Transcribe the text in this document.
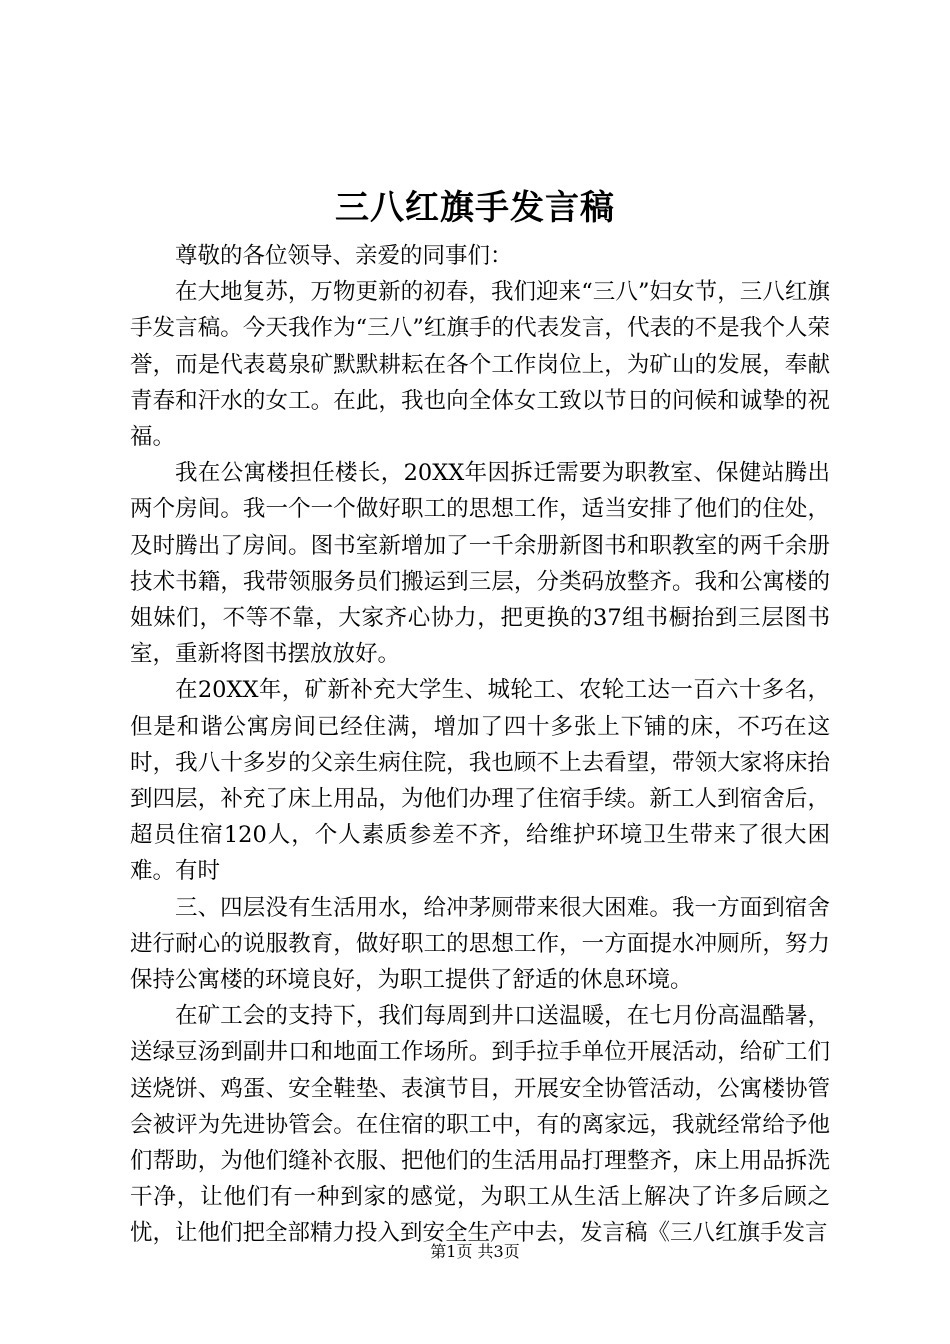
三八红旗手发言稿

尊敬的各位领导、亲爱的同事们：

在大地复苏，万物更新的初春，我们迎来“三八”妇女节，三八红旗手发言稿。今天我作为“三八”红旗手的代表发言，代表的不是我个人荣誉，而是代表葛泉矿默默耕耘在各个工作岗位上，为矿山的发展，奉献青春和汗水的女工。在此，我也向全体女工致以节日的问候和诚挚的祝福。

我在公寓楼担任楼长，20XX年因拆迁需要为职教室、保健站腾出两个房间。我一个一个做好职工的思想工作，适当安排了他们的住处，及时腾出了房间。图书室新增加了一千余册新图书和职教室的两千余册技术书籍，我带领服务员们搬运到三层，分类码放整齐。我和公寓楼的姐妹们，不等不靠，大家齐心协力，把更换的37组书橱抬到三层图书室，重新将图书摆放放好。

在20XX年，矿新补充大学生、城轮工、农轮工达一百六十多名，但是和谐公寓房间已经住满，增加了四十多张上下铺的床，不巧在这时，我八十多岁的父亲生病住院，我也顾不上去看望，带领大家将床抬到四层，补充了床上用品，为他们办理了住宿手续。新工人到宿舍后，超员住宿120人，个人素质参差不齐，给维护环境卫生带来了很大困难。有时

三、四层没有生活用水，给冲茅厕带来很大困难。我一方面到宿舍进行耐心的说服教育，做好职工的思想工作，一方面提水冲厕所，努力保持公寓楼的环境良好，为职工提供了舒适的休息环境。

在矿工会的支持下，我们每周到井口送温暖，在七月份高温酷暑，送绿豆汤到副井口和地面工作场所。到手拉手单位开展活动，给矿工们送烧饼、鸡蛋、安全鞋垫、表演节目，开展安全协管活动，公寓楼协管会被评为先进协管会。在住宿的职工中，有的离家远，我就经常给予他们帮助，为他们缝补衣服、把他们的生活用品打理整齐，床上用品拆洗干净，让他们有一种到家的感觉，为职工从生活上解决了许多后顾之忧，让他们把全部精力投入到安全生产中去，发言稿《三八红旗手发言

第1页 共3页
